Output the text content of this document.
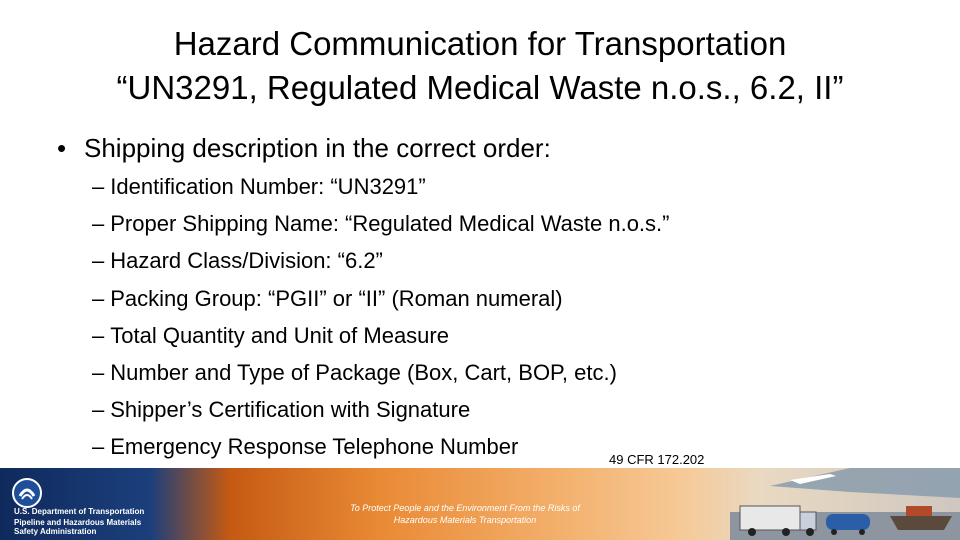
Hazard Communication for Transportation
“UN3291, Regulated Medical Waste n.o.s., 6.2, II”
• Shipping description in the correct order:
– Identification Number: “UN3291”
– Proper Shipping Name: “Regulated Medical Waste n.o.s.”
– Hazard Class/Division: “6.2”
– Packing Group: “PGII” or “II” (Roman numeral)
– Total Quantity and Unit of Measure
– Number and Type of Package (Box, Cart, BOP, etc.)
– Shipper’s Certification with Signature
– Emergency Response Telephone Number
49 CFR 172.202
U.S. Department of Transportation
Pipeline and Hazardous Materials
Safety Administration
To Protect People and the Environment From the Risks of
Hazardous Materials Transportation
